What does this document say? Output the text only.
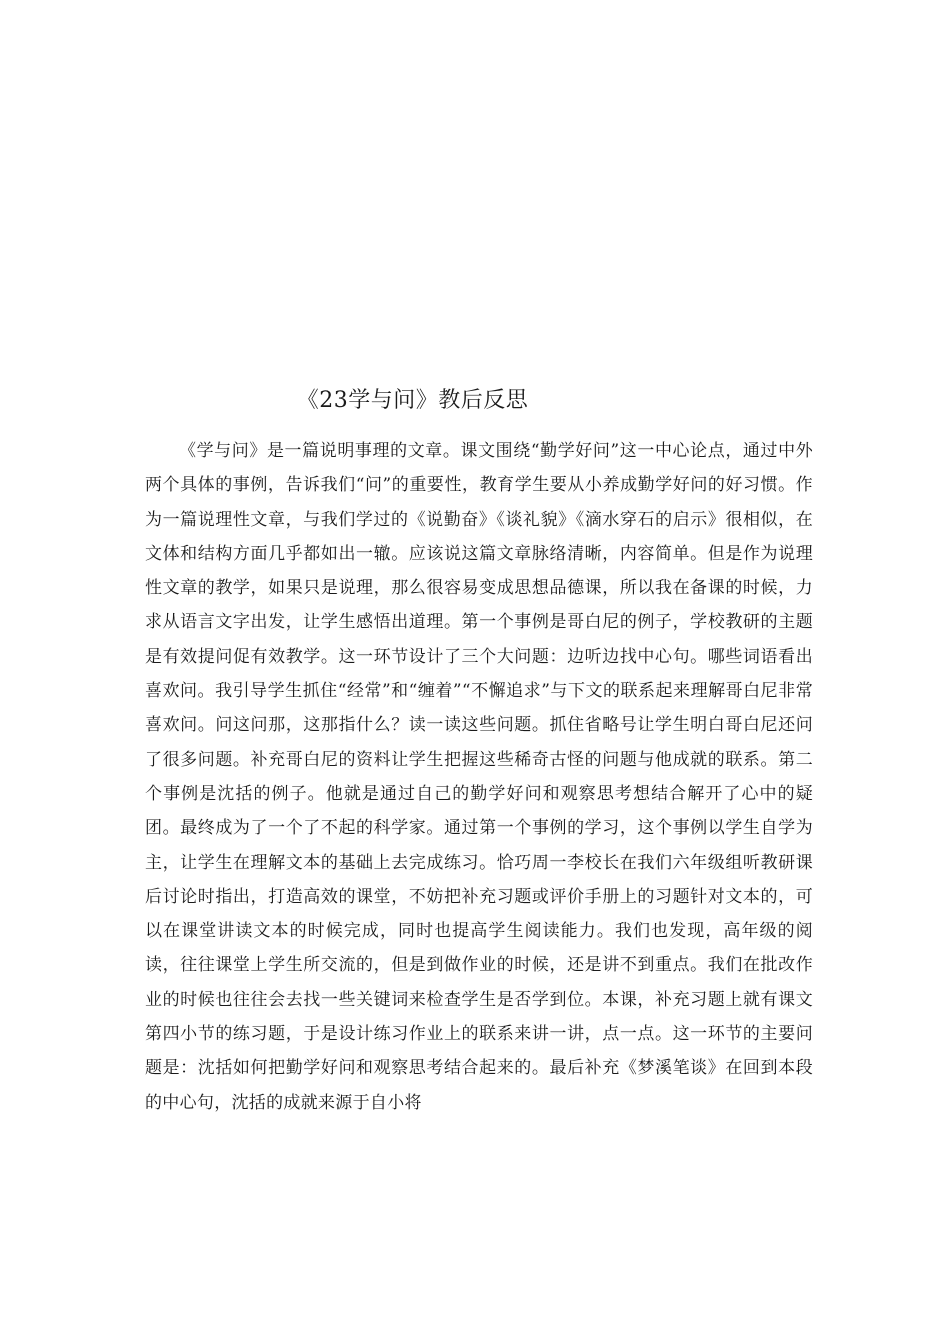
《23学与问》教后反思

《学与问》是一篇说明事理的文章。课文围绕“勤学好问”这一中心论点，通过中外两个具体的事例，告诉我们“问”的重要性，教育学生要从小养成勤学好问的好习惯。作为一篇说理性文章，与我们学过的《说勤奋》《谈礼貌》《滴水穿石的启示》很相似，在文体和结构方面几乎都如出一辙。应该说这篇文章脉络清晰，内容简单。但是作为说理性文章的教学，如果只是说理，那么很容易变成思想品德课，所以我在备课的时候，力求从语言文字出发，让学生感悟出道理。第一个事例是哥白尼的例子，学校教研的主题是有效提问促有效教学。这一环节设计了三个大问题：边听边找中心句。哪些词语看出喜欢问。我引导学生抓住“经常”和“缠着”“不懈追求”与下文的联系起来理解哥白尼非常喜欢问。问这问那，这那指什么？读一读这些问题。抓住省略号让学生明白哥白尼还问了很多问题。补充哥白尼的资料让学生把握这些稀奇古怪的问题与他成就的联系。第二个事例是沈括的例子。他就是通过自己的勤学好问和观察思考想结合解开了心中的疑团。最终成为了一个了不起的科学家。通过第一个事例的学习，这个事例以学生自学为主，让学生在理解文本的基础上去完成练习。恰巧周一李校长在我们六年级组听教研课后讨论时指出，打造高效的课堂，不妨把补充习题或评价手册上的习题针对文本的，可以在课堂讲读文本的时候完成，同时也提高学生阅读能力。我们也发现，高年级的阅读，往往课堂上学生所交流的，但是到做作业的时候，还是讲不到重点。我们在批改作业的时候也往往会去找一些关键词来检查学生是否学到位。本课，补充习题上就有课文第四小节的练习题，于是设计练习作业上的联系来讲一讲，点一点。这一环节的主要问题是：沈括如何把勤学好问和观察思考结合起来的。最后补充《梦溪笔谈》在回到本段的中心句，沈括的成就来源于自小将
